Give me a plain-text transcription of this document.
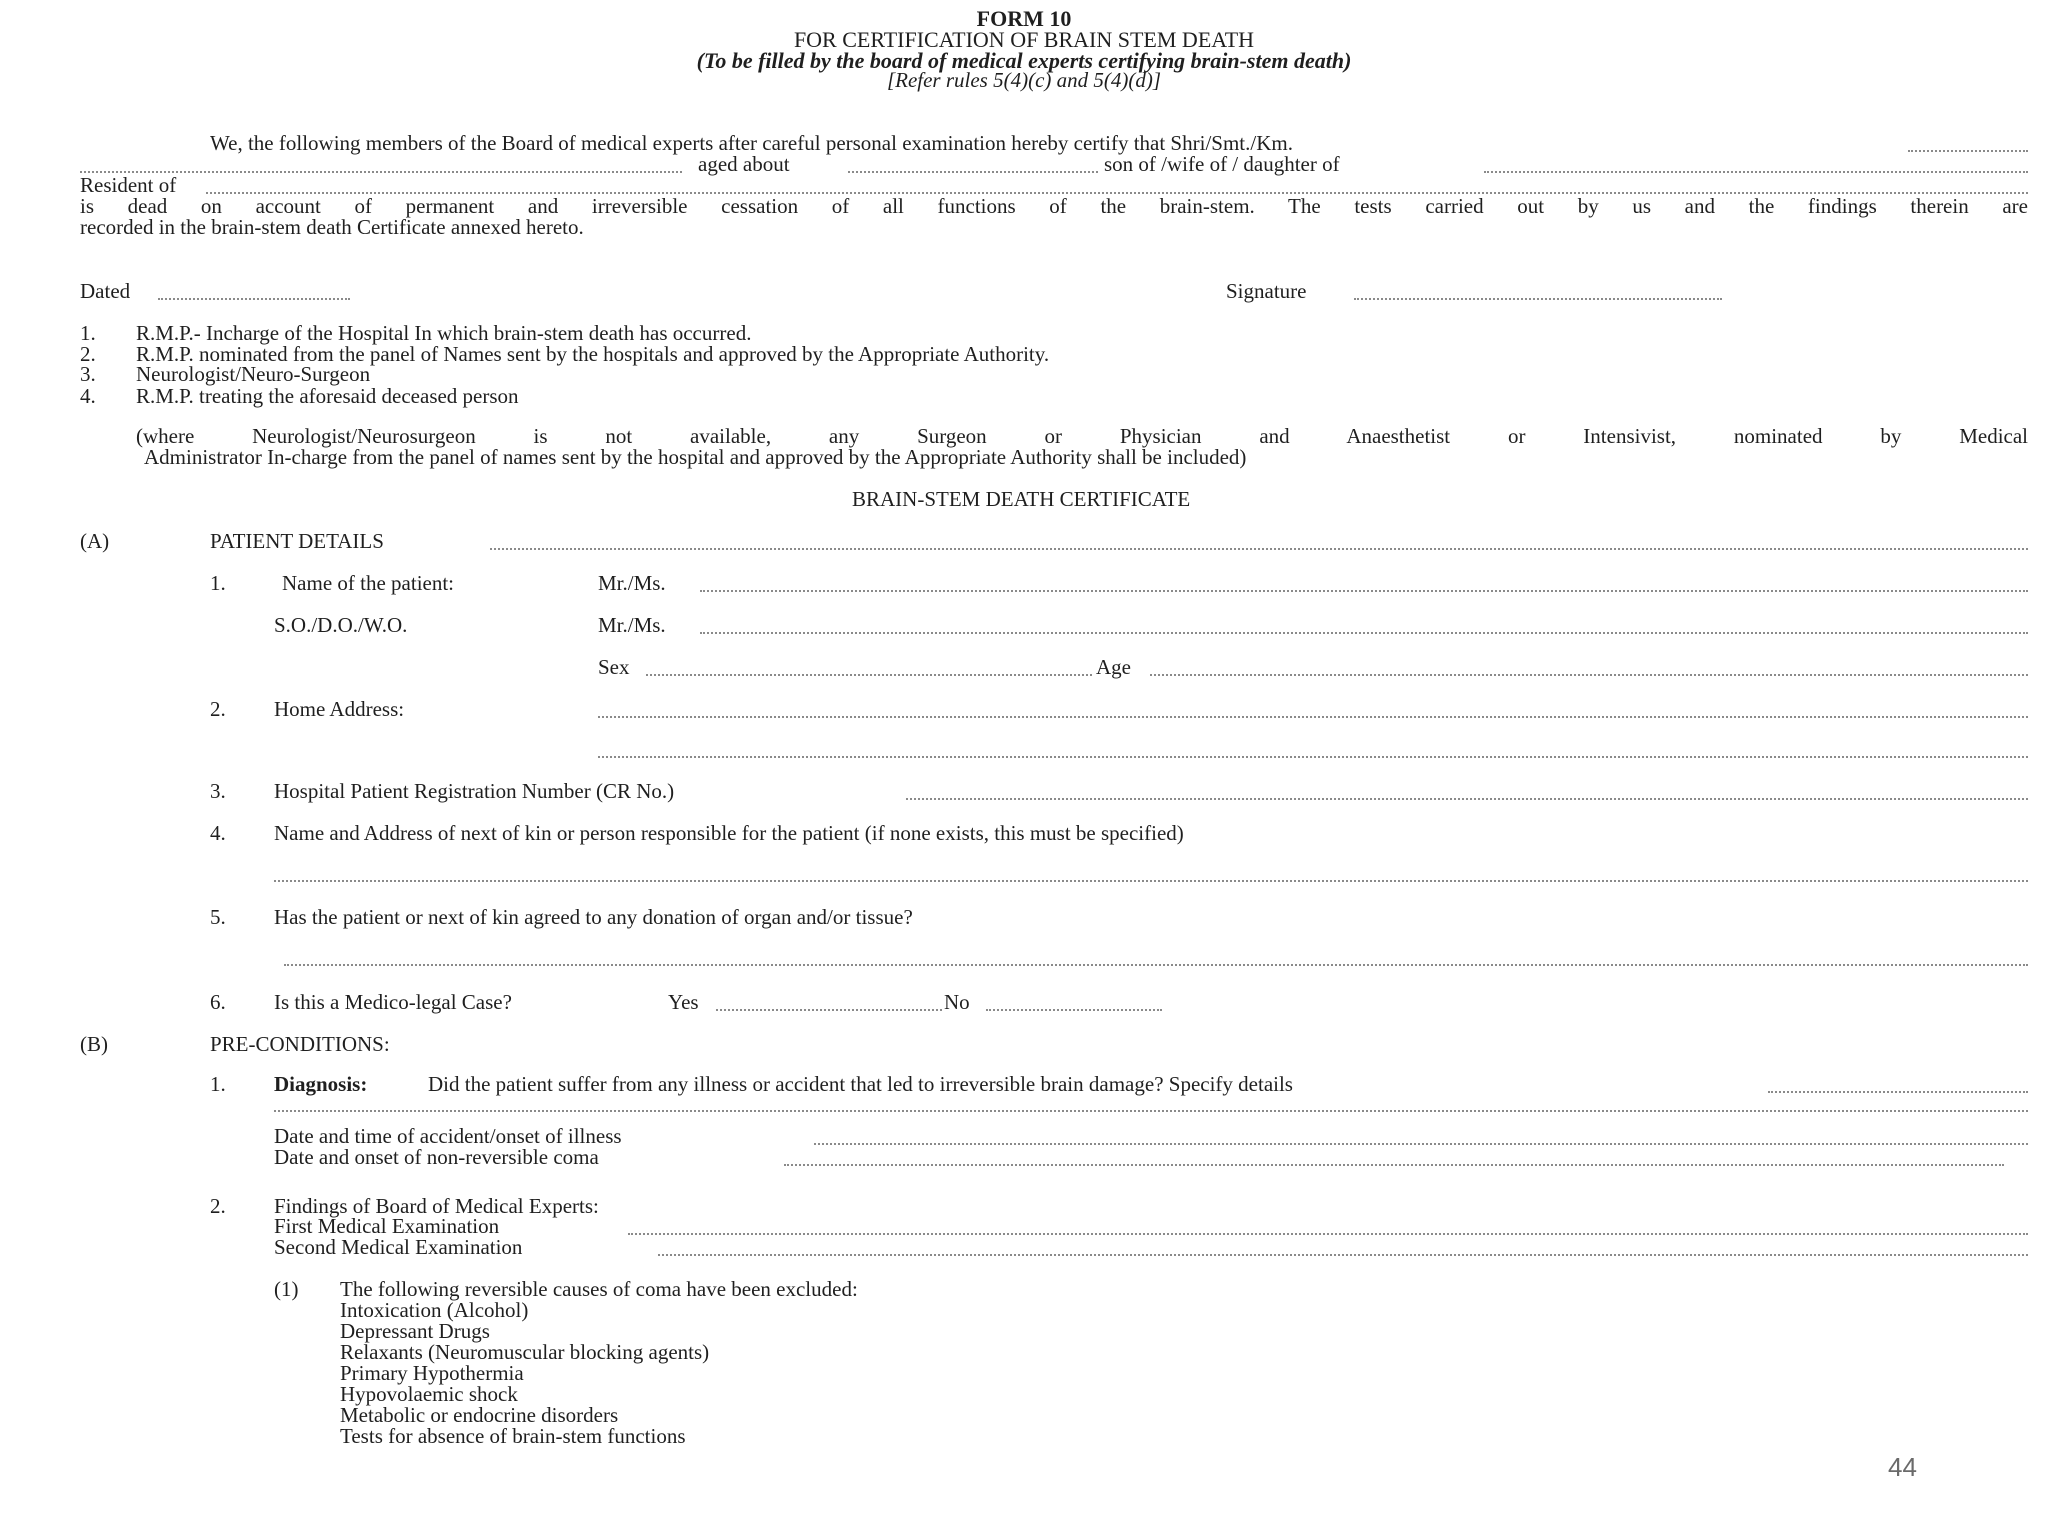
FORM 10
FOR CERTIFICATION OF BRAIN STEM DEATH
(To be filled by the board of medical experts certifying brain-stem death)
[Refer rules 5(4)(c) and 5(4)(d)]
We, the following members of the Board of medical experts after careful personal examination hereby certify that Shri/Smt./Km.
aged about	son of /wife of / daughter of
Resident of
is dead on account of permanent and irreversible cessation of all functions of the brain-stem. The tests carried out by us and the findings therein are
recorded in the brain-stem death Certificate annexed hereto.
Dated	Signature
1. R.M.P.- Incharge of the Hospital In which brain-stem death has occurred.
2. R.M.P. nominated from the panel of Names sent by the hospitals and approved by the Appropriate Authority.
3. Neurologist/Neuro-Surgeon
4. R.M.P. treating the aforesaid deceased person
(where Neurologist/Neurosurgeon is not available, any Surgeon or Physician and Anaesthetist or Intensivist, nominated by Medical
Administrator In-charge from the panel of names sent by the hospital and approved by the Appropriate Authority shall be included)
BRAIN-STEM DEATH CERTIFICATE
(A)	PATIENT DETAILS
1.	Name of the patient:	Mr./Ms.
S.O./D.O./W.O.	Mr./Ms.
Sex	Age
2. Home Address:
3. Hospital Patient Registration Number (CR No.)
4. Name and Address of next of kin or person responsible for the patient (if none exists, this must be specified)
5. Has the patient or next of kin agreed to any donation of organ and/or tissue?
6. Is this a Medico-legal Case?	Yes	No
(B)	PRE-CONDITIONS:
1. Diagnosis:	Did the patient suffer from any illness or accident that led to irreversible brain damage? Specify details
Date and time of accident/onset of illness
Date and onset of non-reversible coma
2. Findings of Board of Medical Experts:
First Medical Examination
Second Medical Examination
(1) The following reversible causes of coma have been excluded:
Intoxication (Alcohol)
Depressant Drugs
Relaxants (Neuromuscular blocking agents)
Primary Hypothermia
Hypovolaemic shock
Metabolic or endocrine disorders
Tests for absence of brain-stem functions
44
